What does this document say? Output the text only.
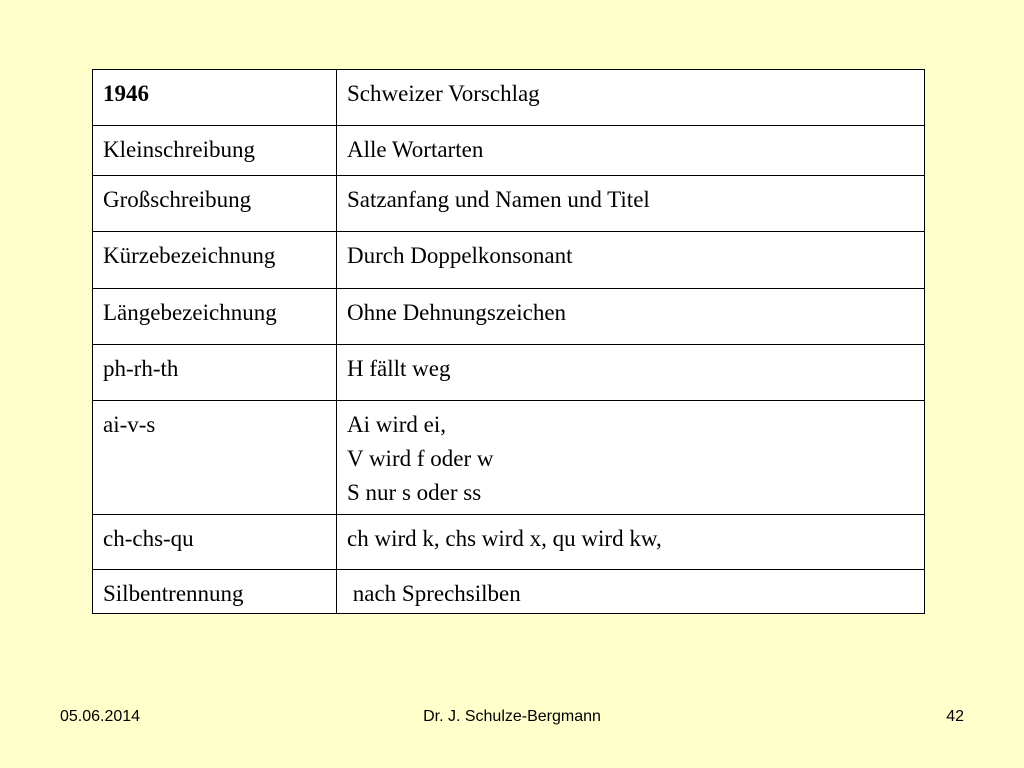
1946	Schweizer Vorschlag
Kleinschreibung	Alle Wortarten
Großschreibung	Satzanfang und Namen und Titel
Kürzebezeichnung	Durch Doppelkonsonant
Längebezeichnung	Ohne Dehnungszeichen
ph-rh-th	H fällt weg
ai-v-s	Ai wird ei,
V wird f oder w
S nur s oder ss

ch-chs-qu	ch wird k, chs wird x, qu wird kw,
Silbentrennung	nach Sprechsilben
05.06.2014	Dr. J. Schulze-Bergmann	42
